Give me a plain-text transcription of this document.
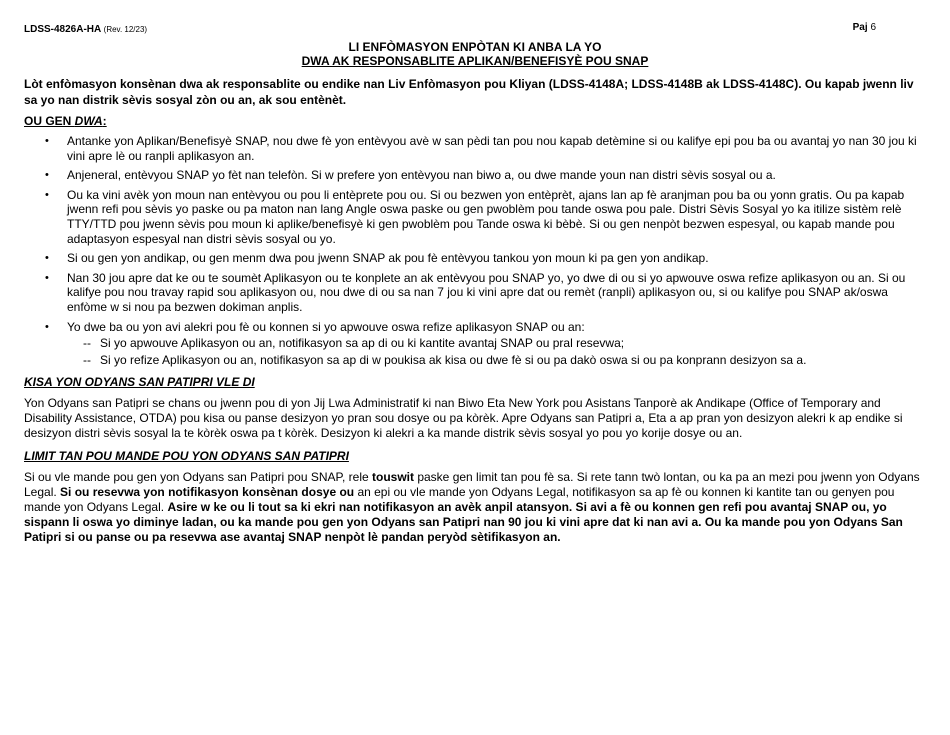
LDSS-4826A-HA (Rev. 12/23)	Paj 6
LI ENFÒMASYON ENPÒTAN KI ANBA LA YO
DWA AK RESPONSABLITE APLIKAN/BENEFISYÈ POU SNAP
Lòt enfòmasyon konsènan dwa ak responsablite ou endike nan Liv Enfòmasyon pou Kliyan (LDSS-4148A; LDSS-4148B ak LDSS-4148C). Ou kapab jwenn liv sa yo nan distrik sèvis sosyal zòn ou an, ak sou entènèt.
OU GEN DWA:
• Antanke yon Aplikan/Benefisyè SNAP, nou dwe fè yon entèvyou avè w san pèdi tan pou nou kapab detèmine si ou kalifye epi pou ba ou avantaj yo nan 30 jou ki vini apre lè ou ranpli aplikasyon an.
• Anjeneral, entèvyou SNAP yo fèt nan telefòn. Si w prefere yon entèvyou nan biwo a, ou dwe mande youn nan distri sèvis sosyal ou a.
• Ou ka vini avèk yon moun nan entèvyou ou pou li entèprete pou ou. Si ou bezwen yon entèprèt, ajans lan ap fè aranjman pou ba ou yonn gratis. Ou pa kapab jwenn refi pou sèvis yo paske ou pa maton nan lang Angle oswa paske ou gen pwoblèm pou tande oswa pou pale. Distri Sèvis Sosyal yo ka itilize sistèm relè TTY/TTD pou jwenn sèvis pou moun ki aplike/benefisyè ki gen pwoblèm pou Tande oswa ki bèbè. Si ou gen nenpòt bezwen espesyal, ou kapab mande pou adaptasyon espesyal nan distri sèvis sosyal ou yo.
• Si ou gen yon andikap, ou gen menm dwa pou jwenn SNAP ak pou fè entèvyou tankou yon moun ki pa gen yon andikap.
• Nan 30 jou apre dat ke ou te soumèt Aplikasyon ou te konplete an ak entèvyou pou SNAP yo, yo dwe di ou si yo apwouve oswa refize aplikasyon ou an. Si ou kalifye pou nou travay rapid sou aplikasyon ou, nou dwe di ou sa nan 7 jou ki vini apre dat ou remèt (ranpli) aplikasyon ou, si ou kalifye pou SNAP ak/oswa enfòme w si nou pa bezwen dokiman anplis.
• Yo dwe ba ou yon avi alekri pou fè ou konnen si yo apwouve oswa refize aplikasyon SNAP ou an:
-- Si yo apwouve Aplikasyon ou an, notifikasyon sa ap di ou ki kantite avantaj SNAP ou pral resevwa;
-- Si yo refize Aplikasyon ou an, notifikasyon sa ap di w poukisa ak kisa ou dwe fè si ou pa dakò oswa si ou pa konprann desizyon sa a.
KISA YON ODYANS SAN PATIPRI VLE DI

Yon Odyans san Patipri se chans ou jwenn pou di yon Jij Lwa Administratif ki nan Biwo Eta New York pou Asistans Tanporè ak Andikape (Office of Temporary and Disability Assistance, OTDA) pou kisa ou panse desizyon yo pran sou dosye ou pa kòrèk. Apre Odyans san Patipri a, Eta a ap pran yon desizyon alekri k ap endike si desizyon distri sèvis sosyal la te kòrèk oswa pa t kòrèk. Desizyon ki alekri a ka mande distrik sèvis sosyal yo pou yo korije dosye ou an.

LIMIT TAN POU MANDE POU YON ODYANS SAN PATIPRI

Si ou vle mande pou gen yon Odyans san Patipri pou SNAP, rele touswit paske gen limit tan pou fè sa. Si rete tann twò lontan, ou ka pa an mezi pou jwenn yon Odyans Legal. Si ou resevwa yon notifikasyon konsènan dosye ou an epi ou vle mande yon Odyans Legal, notifikasyon sa ap fè ou konnen ki kantite tan ou genyen pou mande yon Odyans Legal. Asire w ke ou li tout sa ki ekri nan notifikasyon an avèk anpil atansyon. Si avi a fè ou konnen gen refi pou avantaj SNAP ou, yo sispann li oswa yo diminye ladan, ou ka mande pou gen yon Odyans san Patipri nan 90 jou ki vini apre dat ki nan avi a. Ou ka mande pou yon Odyans San Patipri si ou panse ou pa resevwa ase avantaj SNAP nenpòt lè pandan peryòd sètifikasyon an.
